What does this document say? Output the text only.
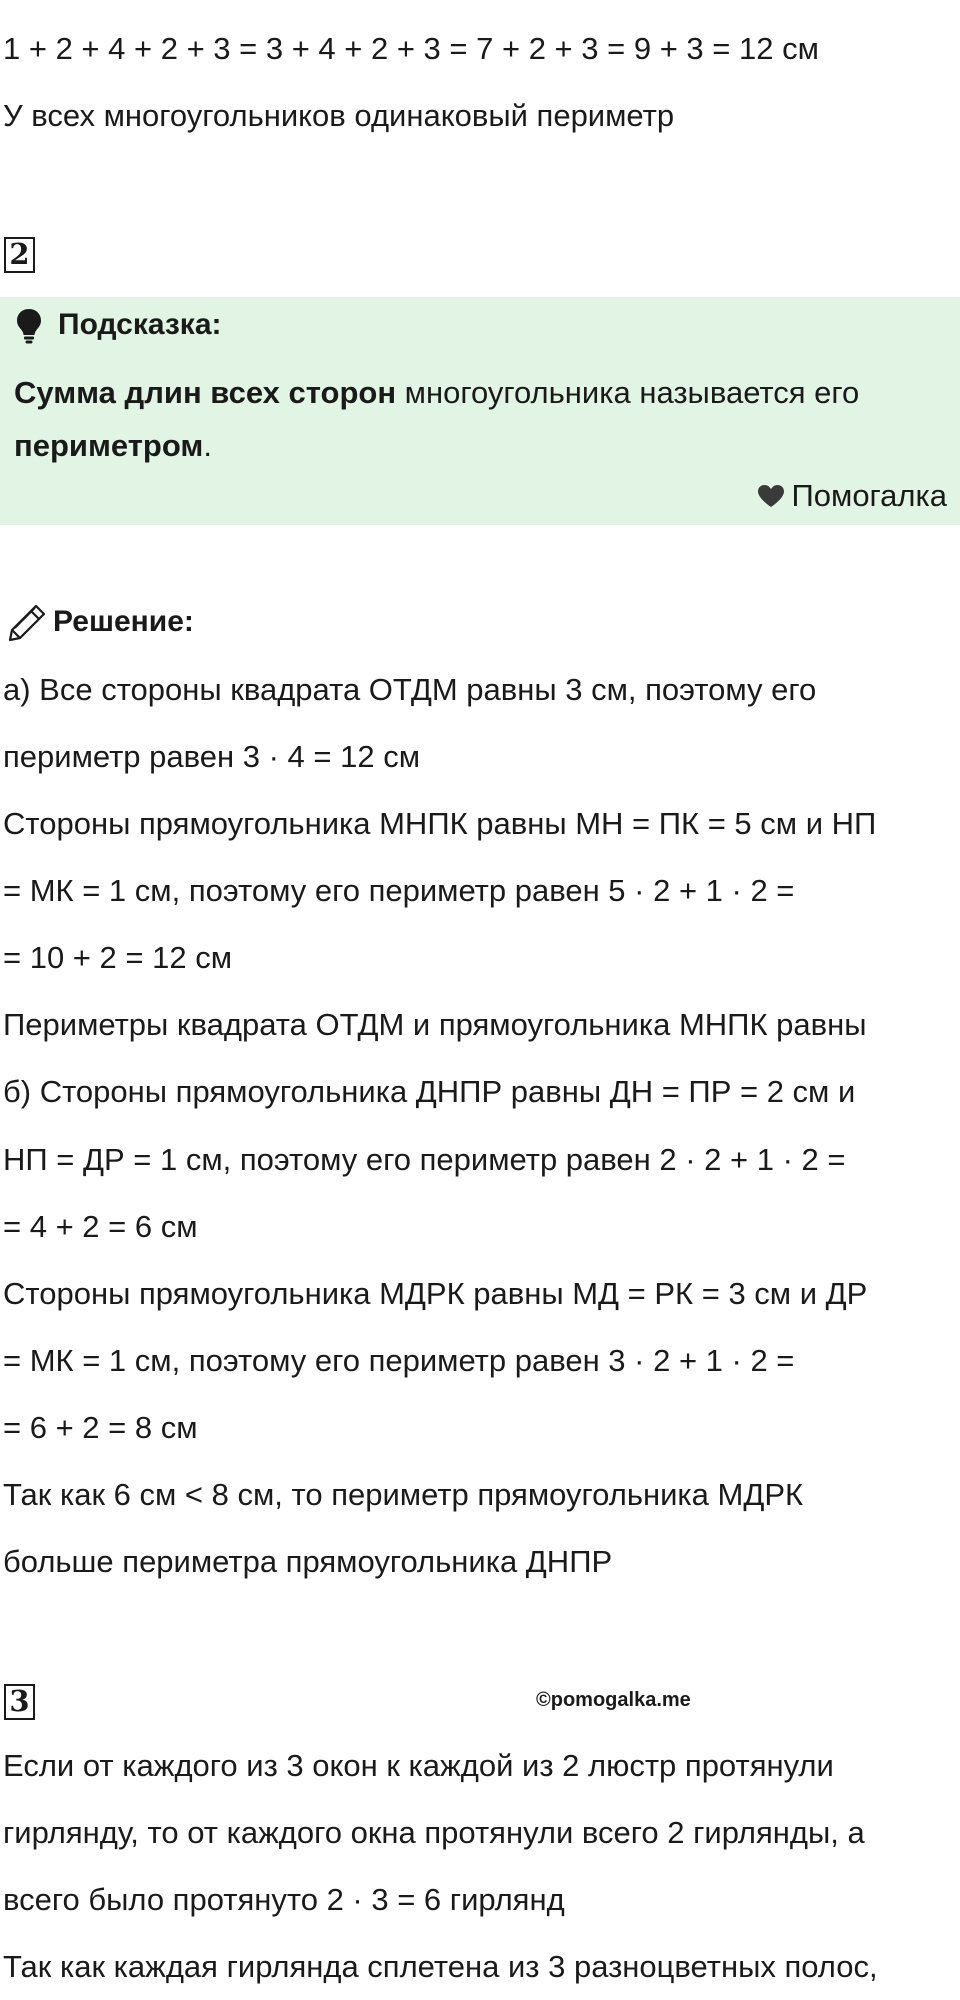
1 + 2 + 4 + 2 + 3 = 3 + 4 + 2 + 3 = 7 + 2 + 3 = 9 + 3 = 12 см
У всех многоугольников одинаковый периметр
2
Подсказка:
Сумма длин всех сторон многоугольника называется его
периметром.
Помогалка
Решение:
а) Все стороны квадрата ОТДМ равны 3 см, поэтому его
периметр равен 3 · 4 = 12 см
Стороны прямоугольника МНПК равны МН = ПК = 5 см и НП
= МК = 1 см, поэтому его периметр равен 5 · 2 + 1 · 2 =
= 10 + 2 = 12 см
Периметры квадрата ОТДМ и прямоугольника МНПК равны
б) Стороны прямоугольника ДНПР равны ДН = ПР = 2 см и
НП = ДР = 1 см, поэтому его периметр равен 2 · 2 + 1 · 2 =
= 4 + 2 = 6 см
Стороны прямоугольника МДРК равны МД = РК = 3 см и ДР
= МК = 1 см, поэтому его периметр равен 3 · 2 + 1 · 2 =
= 6 + 2 = 8 см
Так как 6 см < 8 см, то периметр прямоугольника МДРК
больше периметра прямоугольника ДНПР
3	©pomogalka.me
Если от каждого из 3 окон к каждой из 2 люстр протянули
гирлянду, то от каждого окна протянули всего 2 гирлянды, а
всего было протянуто 2 · 3 = 6 гирлянд
Так как каждая гирлянда сплетена из 3 разноцветных полос,
